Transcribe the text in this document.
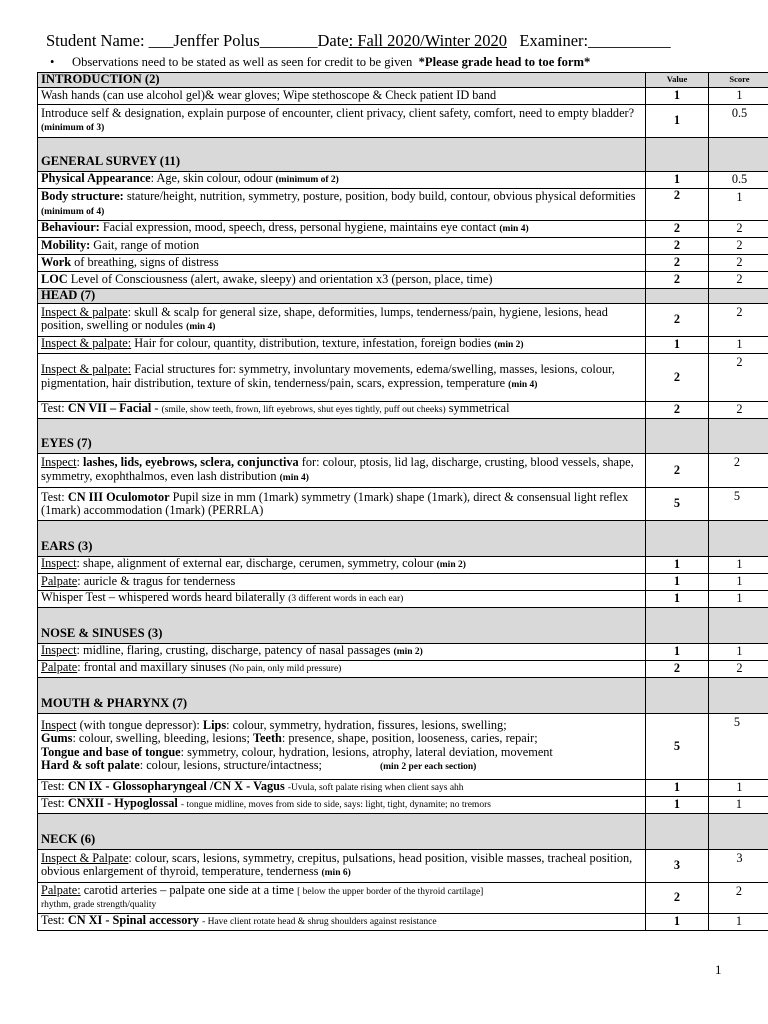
Student Name: ___Jenffer Polus_______Date: Fall 2020/Winter 2020 Examiner:__________
• Observations need to be stated as well as seen for credit to be given *Please grade head to toe form*
INTRODUCTION (2)	Value	Score
Wash hands (can use alcohol gel)& wear gloves; Wipe stethoscope & Check patient ID band	1	1
Introduce self & designation, explain purpose of encounter, client privacy, client safety, comfort, need to empty bladder? (minimum of 3)	1	0.5
GENERAL SURVEY (11)		
Physical Appearance: Age, skin colour, odour (minimum of 2)	1	0.5
Body structure: stature/height, nutrition, symmetry, posture, position, body build, contour, obvious physical deformities (minimum of 4)	2	1
Behaviour: Facial expression, mood, speech, dress, personal hygiene, maintains eye contact (min 4)	2	2
Mobility: Gait, range of motion	2	2
Work of breathing, signs of distress	2	2
LOC Level of Consciousness (alert, awake, sleepy) and orientation x3 (person, place, time)	2	2
HEAD (7)		
Inspect & palpate: skull & scalp for general size, shape, deformities, lumps, tenderness/pain, hygiene, lesions, head position, swelling or nodules (min 4)	2	2
Inspect & palpate: Hair for colour, quantity, distribution, texture, infestation, foreign bodies (min 2)	1	1
Inspect & palpate: Facial structures for: symmetry, involuntary movements, edema/swelling, masses, lesions, colour, pigmentation, hair distribution, texture of skin, tenderness/pain, scars, expression, temperature (min 4)	2	2
Test: CN VII – Facial - (smile, show teeth, frown, lift eyebrows, shut eyes tightly, puff out cheeks) symmetrical	2	2
EYES (7)		
Inspect: lashes, lids, eyebrows, sclera, conjunctiva for: colour, ptosis, lid lag, discharge, crusting, blood vessels, shape, symmetry, exophthalmos, even lash distribution (min 4)	2	2
Test: CN III Oculomotor Pupil size in mm (1mark) symmetry (1mark) shape (1mark), direct & consensual light reflex (1mark) accommodation (1mark) (PERRLA)	5	5
EARS (3)		
Inspect: shape, alignment of external ear, discharge, cerumen, symmetry, colour (min 2)	1	1
Palpate: auricle & tragus for tenderness	1	1
Whisper Test – whispered words heard bilaterally (3 different words in each ear)	1	1
NOSE & SINUSES (3)		
Inspect: midline, flaring, crusting, discharge, patency of nasal passages (min 2)	1	1
Palpate: frontal and maxillary sinuses (No pain, only mild pressure)	2	2
MOUTH & PHARYNX (7)		

Inspect (with tongue depressor): Lips: colour, symmetry, hydration, fissures, lesions, swelling;
Gums: colour, swelling, bleeding, lesions; Teeth: presence, shape, position, looseness, caries, repair;
Tongue and base of tongue: symmetry, colour, hydration, lesions, atrophy, lateral deviation, movement
Hard & soft palate: colour, lesions, structure/intactness; (min 2 per each section)	5	5
Test: CN IX - Glossopharyngeal /CN X - Vagus -Uvula, soft palate rising when client says ahh	1	1
Test: CNXII - Hypoglossal - tongue midline, moves from side to side, says: light, tight, dynamite; no tremors	1	1
NECK (6)		
Inspect & Palpate: colour, scars, lesions, symmetry, crepitus, pulsations, head position, visible masses, tracheal position, obvious enlargement of thyroid, temperature, tenderness (min 6)	3	3

Palpate: carotid arteries – palpate one side at a time [ below the upper border of the thyroid cartilage]
rhythm, grade strength/quality	2	2
Test: CN XI - Spinal accessory - Have client rotate head & shrug shoulders against resistance	1	1
1
